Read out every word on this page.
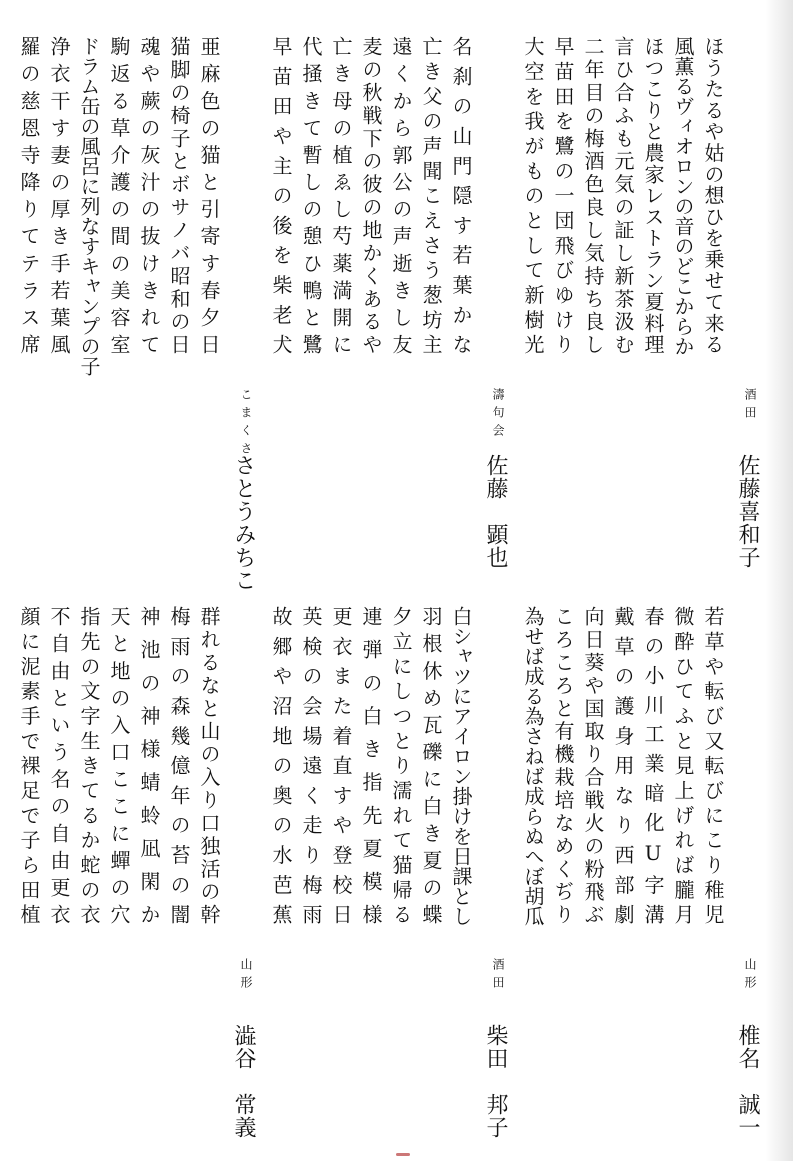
酒田
佐藤喜和子
ほうたるや姑の想ひを乗せて来る
風薫るヴィオロンの音のどこからか
ほつこりと農家レストラン夏料理
言ひ合ふも元気の証し新茶汲む
二年目の梅酒色良し気持ち良し
早苗田を鷺の一団飛びゆけり
大空を我がものとして新樹光
濤句会
佐藤　顕也
名刹の山門隠す若葉かな
亡き父の声聞こえさう葱坊主
遠くから郭公の声逝きし友
麦の秋戦下の彼の地かくあるや
亡き母の植ゑし芍薬満開に
代掻きて暫しの憩ひ鴨と鷺
早苗田や主の後を柴老犬
こまくさ
さとうみちこ
亜麻色の猫と引寄す春夕日
猫脚の椅子とボサノバ昭和の日
魂や蕨の灰汁の抜けきれて
駒返る草介護の間の美容室
ドラム缶の風呂に列なすキャンプの子
浄衣干す妻の厚き手若葉風
羅の慈恩寺降りてテラス席
山形
椎名　誠一
若草や転び又転びにこり稚児
微酔ひてふと見上げれば朧月
春の小川工業暗化U字溝
戴草の護身用なり西部劇
向日葵や国取り合戦火の粉飛ぶ
ころころと有機栽培なめくぢり
為せば成る為さねば成らぬへぼ胡瓜
酒田
柴田　邦子
白シャツにアイロン掛けを日課とし
羽根休め瓦礫に白き夏の蝶
夕立にしつとり濡れて猫帰る
連弾の白き指先夏模様
更衣また着直すや登校日
英検の会場遠く走り梅雨
故郷や沼地の奥の水芭蕉
山形
澁谷　常義
群れるなと山の入り口独活の幹
梅雨の森幾億年の苔の闇
神池の神様蜻蛉凪閑か
天と地の入口ここに蟬の穴
指先の文字生きてるか蛇の衣
不自由という名の自由更衣
顔に泥素手で裸足で子ら田植
